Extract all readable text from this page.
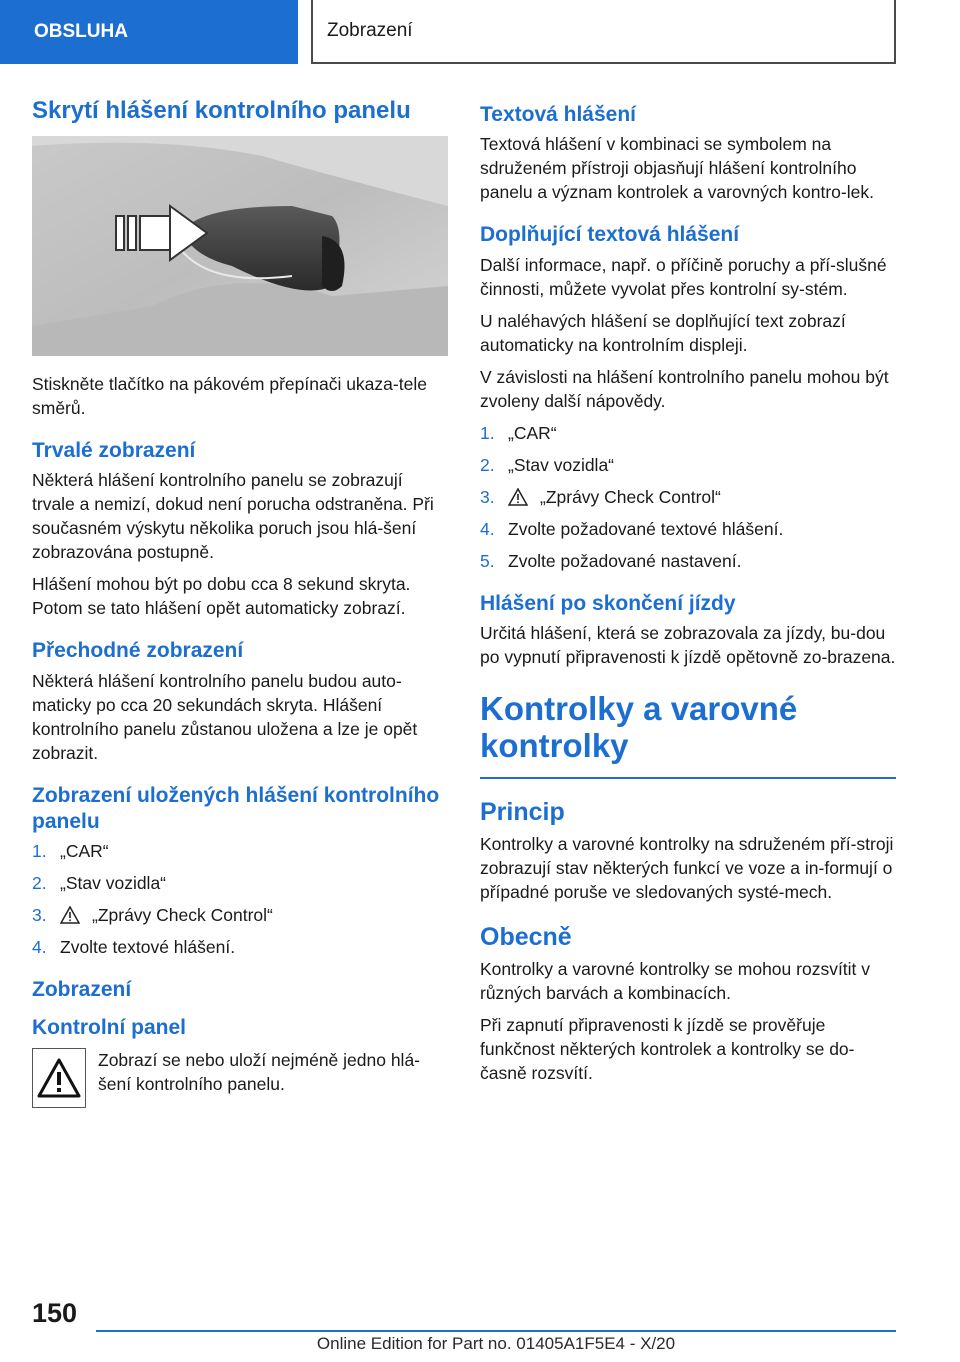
OBSLUHA	Zobrazení
Skrytí hlášení kontrolního panelu

Stiskněte tlačítko na pákovém přepínači ukaza-tele směrů.

Trvalé zobrazení

Některá hlášení kontrolního panelu se zobrazují trvale a nemizí, dokud není porucha odstraněna. Při současném výskytu několika poruch jsou hlá-šení zobrazována postupně.

Hlášení mohou být po dobu cca 8 sekund skryta. Potom se tato hlášení opět automaticky zobrazí.

Přechodné zobrazení

Některá hlášení kontrolního panelu budou auto-maticky po cca 20 sekundách skryta. Hlášení kontrolního panelu zůstanou uložena a lze je opět zobrazit.

Zobrazení uložených hlášení kontrolního panelu
1. „CAR“
2. „Stav vozidla“
3.	„Zprávy Check Control“
4. Zvolte textové hlášení.
Zobrazení
Kontrolní panel

Zobrazí se nebo uloží nejméně jedno hlá-šení kontrolního panelu.

Textová hlášení

Textová hlášení v kombinaci se symbolem na sdruženém přístroji objasňují hlášení kontrolního panelu a význam kontrolek a varovných kontro-lek.

Doplňující textová hlášení

Další informace, např. o příčině poruchy a pří-slušné činnosti, můžete vyvolat přes kontrolní sy-stém.

U naléhavých hlášení se doplňující text zobrazí automaticky na kontrolním displeji.

V závislosti na hlášení kontrolního panelu mohou být zvoleny další nápovědy.

1. „CAR“
2. „Stav vozidla“
3.	„Zprávy Check Control“
4. Zvolte požadované textové hlášení.
5. Zvolte požadované nastavení.
Hlášení po skončení jízdy

Určitá hlášení, která se zobrazovala za jízdy, bu-dou po vypnutí připravenosti k jízdě opětovně zo-brazena.

Kontrolky a varovné kontrolky
Princip

Kontrolky a varovné kontrolky na sdruženém pří-stroji zobrazují stav některých funkcí ve voze a in-formují o případné poruše ve sledovaných systé-mech.

Obecně

Kontrolky a varovné kontrolky se mohou rozsvítit v různých barvách a kombinacích.

Při zapnutí připravenosti k jízdě se prověřuje funkčnost některých kontrolek a kontrolky se do-časně rozsvítí.

150
Online Edition for Part no. 01405A1F5E4 - X/20
